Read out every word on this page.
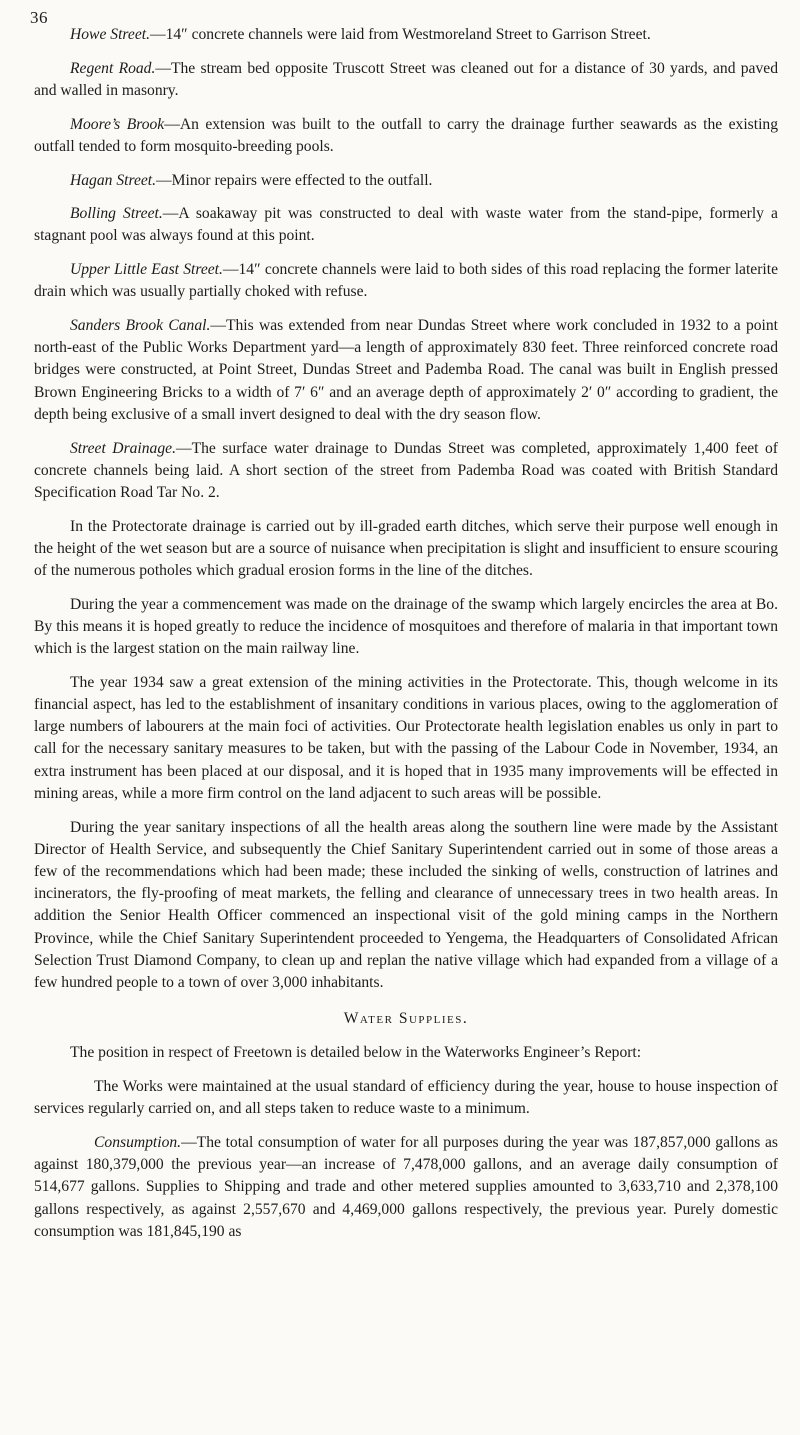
36

Howe Street.—14″ concrete channels were laid from Westmoreland Street to Garrison Street.

Regent Road.—The stream bed opposite Truscott Street was cleaned out for a distance of 30 yards, and paved and walled in masonry.

Moore’s Brook—An extension was built to the outfall to carry the drainage further seawards as the existing outfall tended to form mosquito-breeding pools.

Hagan Street.—Minor repairs were effected to the outfall.

Bolling Street.—A soakaway pit was constructed to deal with waste water from the stand-pipe, formerly a stagnant pool was always found at this point.

Upper Little East Street.—14″ concrete channels were laid to both sides of this road replacing the former laterite drain which was usually partially choked with refuse.

Sanders Brook Canal.—This was extended from near Dundas Street where work concluded in 1932 to a point north-east of the Public Works Department yard—a length of approximately 830 feet. Three reinforced concrete road bridges were constructed, at Point Street, Dundas Street and Pademba Road. The canal was built in English pressed Brown Engineering Bricks to a width of 7′ 6″ and an average depth of approximately 2′ 0″ according to gradient, the depth being exclusive of a small invert designed to deal with the dry season flow.

Street Drainage.—The surface water drainage to Dundas Street was completed, approximately 1,400 feet of concrete channels being laid. A short section of the street from Pademba Road was coated with British Standard Specification Road Tar No. 2.

In the Protectorate drainage is carried out by ill-graded earth ditches, which serve their purpose well enough in the height of the wet season but are a source of nuisance when precipitation is slight and insufficient to ensure scouring of the numerous potholes which gradual erosion forms in the line of the ditches.

During the year a commencement was made on the drainage of the swamp which largely encircles the area at Bo. By this means it is hoped greatly to reduce the incidence of mosquitoes and therefore of malaria in that important town which is the largest station on the main railway line.

The year 1934 saw a great extension of the mining activities in the Protectorate. This, though welcome in its financial aspect, has led to the establishment of insanitary conditions in various places, owing to the agglomeration of large numbers of labourers at the main foci of activities. Our Protectorate health legislation enables us only in part to call for the necessary sanitary measures to be taken, but with the passing of the Labour Code in November, 1934, an extra instrument has been placed at our disposal, and it is hoped that in 1935 many improvements will be effected in mining areas, while a more firm control on the land adjacent to such areas will be possible.

During the year sanitary inspections of all the health areas along the southern line were made by the Assistant Director of Health Service, and subsequently the Chief Sanitary Superintendent carried out in some of those areas a few of the recommendations which had been made; these included the sinking of wells, construction of latrines and incinerators, the fly-proofing of meat markets, the felling and clearance of unnecessary trees in two health areas. In addition the Senior Health Officer commenced an inspectional visit of the gold mining camps in the Northern Province, while the Chief Sanitary Superintendent proceeded to Yengema, the Headquarters of Consolidated African Selection Trust Diamond Company, to clean up and replan the native village which had expanded from a village of a few hundred people to a town of over 3,000 inhabitants.

Water Supplies.

The position in respect of Freetown is detailed below in the Waterworks Engineer’s Report:

The Works were maintained at the usual standard of efficiency during the year, house to house inspection of services regularly carried on, and all steps taken to reduce waste to a minimum.

Consumption.—The total consumption of water for all purposes during the year was 187,857,000 gallons as against 180,379,000 the previous year—an increase of 7,478,000 gallons, and an average daily consumption of 514,677 gallons. Supplies to Shipping and trade and other metered supplies amounted to 3,633,710 and 2,378,100 gallons respectively, as against 2,557,670 and 4,469,000 gallons respectively, the previous year. Purely domestic consumption was 181,845,190 as
